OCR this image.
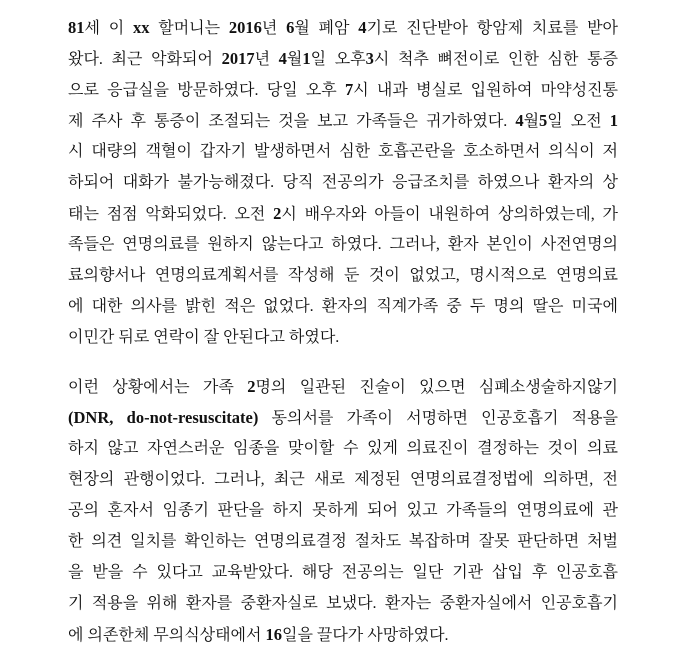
81세 이 xx 할머니는 2016년 6월 폐암 4기로 진단받아 항암제 치료를 받아
왔다. 최근 악화되어 2017년 4월1일 오후3시 척추 뼈전이로 인한 심한 통증
으로 응급실을 방문하였다. 당일 오후 7시 내과 병실로 입원하여 마약성진통
제 주사 후 통증이 조절되는 것을 보고 가족들은 귀가하였다. 4월5일 오전 1
시 대량의 객혈이 갑자기 발생하면서 심한 호흡곤란을 호소하면서 의식이 저
하되어 대화가 불가능해졌다. 당직 전공의가 응급조치를 하였으나 환자의 상
태는 점점 악화되었다. 오전 2시 배우자와 아들이 내원하여 상의하였는데, 가
족들은 연명의료를 원하지 않는다고 하였다. 그러나, 환자 본인이 사전연명의
료의향서나 연명의료계획서를 작성해 둔 것이 없었고, 명시적으로 연명의료
에 대한 의사를 밝힌 적은 없었다. 환자의 직계가족 중 두 명의 딸은 미국에
이민간 뒤로 연락이 잘 안된다고 하였다.

이런 상황에서는 가족 2명의 일관된 진술이 있으면 심폐소생술하지않기
(DNR, do-not-resuscitate) 동의서를 가족이 서명하면 인공호흡기 적용을
하지 않고 자연스러운 임종을 맞이할 수 있게 의료진이 결정하는 것이 의료
현장의 관행이었다. 그러나, 최근 새로 제정된 연명의료결정법에 의하면, 전
공의 혼자서 임종기 판단을 하지 못하게 되어 있고 가족들의 연명의료에 관
한 의견 일치를 확인하는 연명의료결정 절차도 복잡하며 잘못 판단하면 처벌
을 받을 수 있다고 교육받았다. 해당 전공의는 일단 기관 삽입 후 인공호흡
기 적용을 위해 환자를 중환자실로 보냈다. 환자는 중환자실에서 인공호흡기
에 의존한체 무의식상태에서 16일을 끌다가 사망하였다.
